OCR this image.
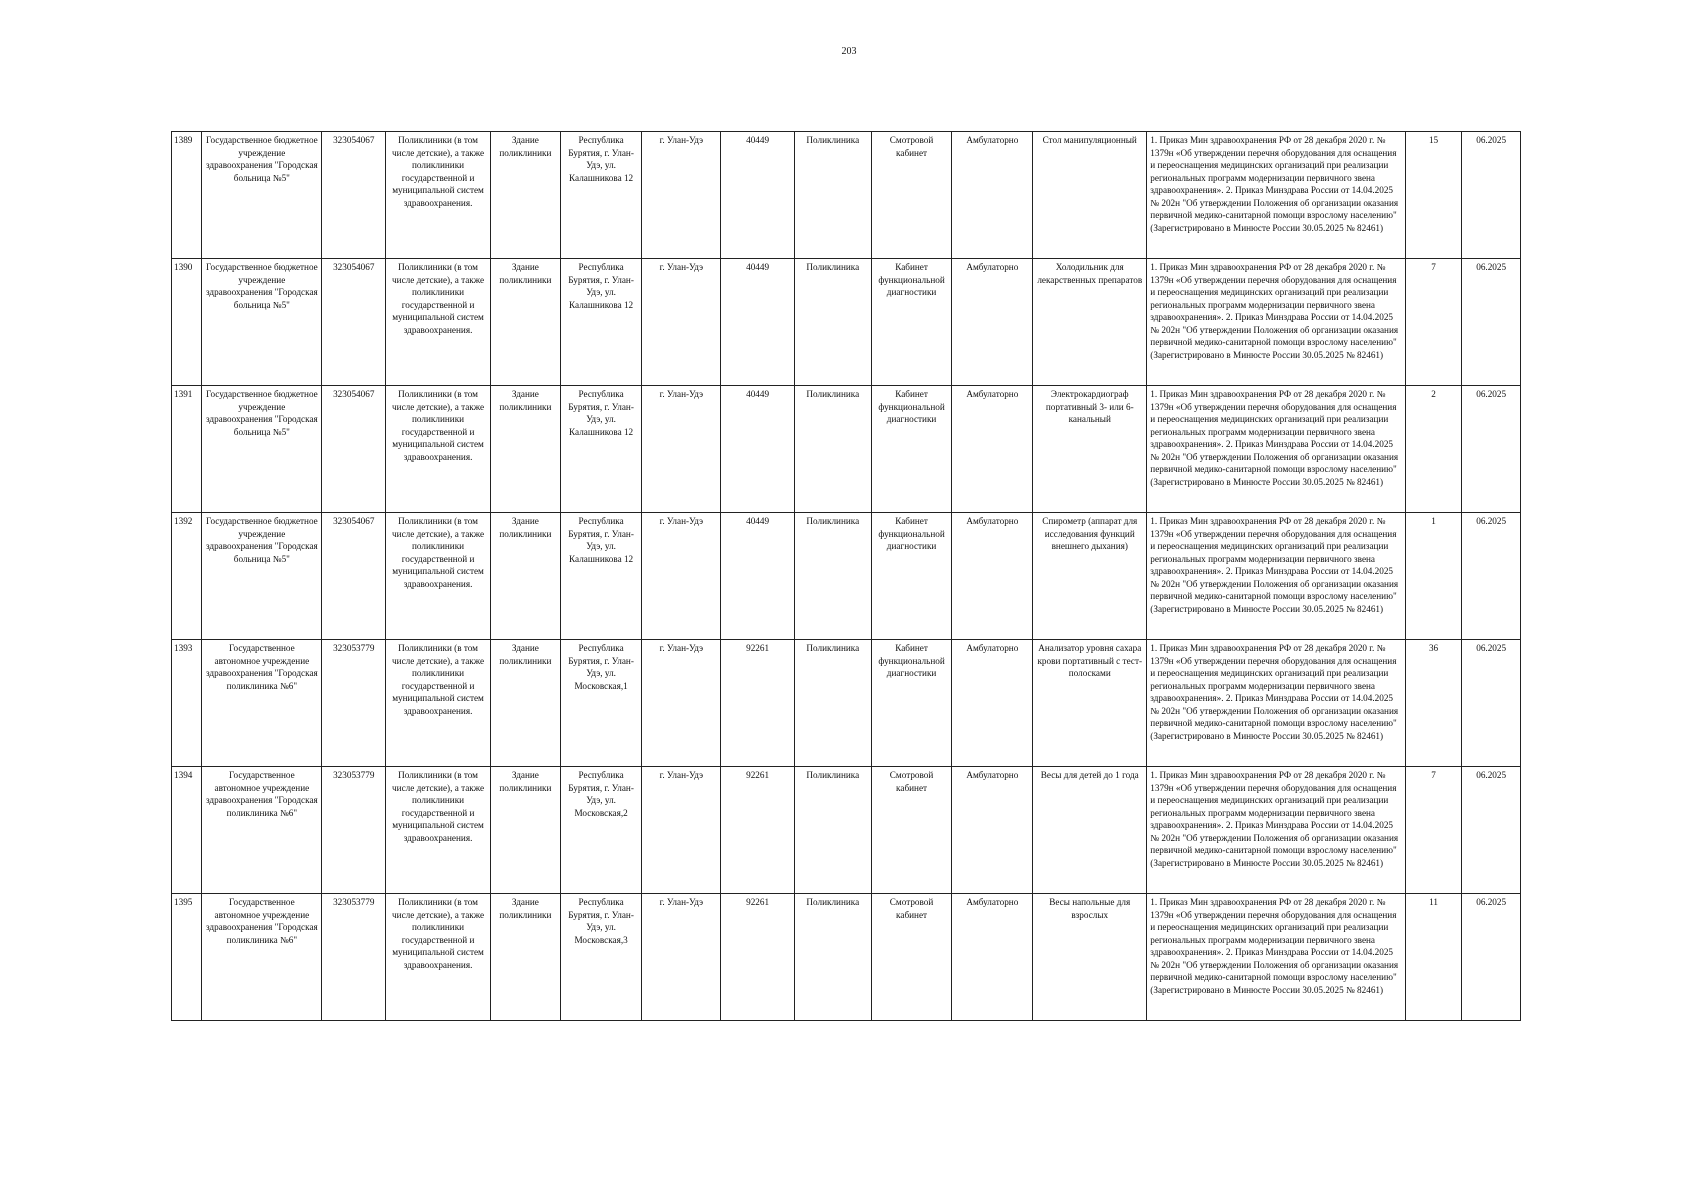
203
1389	Государственное бюджетное учреждение здравоохранения "Городская больница №5"	323054067	Поликлиники (в том числе детские), а также поликлиники государственной и муниципальной систем здравоохранения.	Здание поликлиники	Республика Бурятия, г. Улан-Удэ, ул. Калашникова 12	г. Улан-Удэ	40449	Поликлиника	Смотровой кабинет	Амбулаторно	Стол манипуляционный	1. Приказ Мин здравоохранения РФ от 28 декабря 2020 г. № 1379н «Об утверждении перечня оборудования для оснащения и переоснащения медицинских организаций при реализации региональных программ модернизации первичного звена здравоохранения». 2. Приказ Минздрава России от 14.04.2025 № 202н "Об утверждении Положения об организации оказания первичной медико-санитарной помощи взрослому населению" (Зарегистрировано в Минюсте России 30.05.2025 № 82461)	15	06.2025
1390	Государственное бюджетное учреждение здравоохранения "Городская больница №5"	323054067	Поликлиники (в том числе детские), а также поликлиники государственной и муниципальной систем здравоохранения.	Здание поликлиники	Республика Бурятия, г. Улан-Удэ, ул. Калашникова 12	г. Улан-Удэ	40449	Поликлиника	Кабинет функциональной диагностики	Амбулаторно	Холодильник для лекарственных препаратов	1. Приказ Мин здравоохранения РФ от 28 декабря 2020 г. № 1379н «Об утверждении перечня оборудования для оснащения и переоснащения медицинских организаций при реализации региональных программ модернизации первичного звена здравоохранения». 2. Приказ Минздрава России от 14.04.2025 № 202н "Об утверждении Положения об организации оказания первичной медико-санитарной помощи взрослому населению" (Зарегистрировано в Минюсте России 30.05.2025 № 82461)	7	06.2025
1391	Государственное бюджетное учреждение здравоохранения "Городская больница №5"	323054067	Поликлиники (в том числе детские), а также поликлиники государственной и муниципальной систем здравоохранения.	Здание поликлиники	Республика Бурятия, г. Улан-Удэ, ул. Калашникова 12	г. Улан-Удэ	40449	Поликлиника	Кабинет функциональной диагностики	Амбулаторно	Электрокардиограф портативный 3- или 6-канальный	1. Приказ Мин здравоохранения РФ от 28 декабря 2020 г. № 1379н «Об утверждении перечня оборудования для оснащения и переоснащения медицинских организаций при реализации региональных программ модернизации первичного звена здравоохранения». 2. Приказ Минздрава России от 14.04.2025 № 202н "Об утверждении Положения об организации оказания первичной медико-санитарной помощи взрослому населению" (Зарегистрировано в Минюсте России 30.05.2025 № 82461)	2	06.2025
1392	Государственное бюджетное учреждение здравоохранения "Городская больница №5"	323054067	Поликлиники (в том числе детские), а также поликлиники государственной и муниципальной систем здравоохранения.	Здание поликлиники	Республика Бурятия, г. Улан-Удэ, ул. Калашникова 12	г. Улан-Удэ	40449	Поликлиника	Кабинет функциональной диагностики	Амбулаторно	Спирометр (аппарат для исследования функций внешнего дыхания)	1. Приказ Мин здравоохранения РФ от 28 декабря 2020 г. № 1379н «Об утверждении перечня оборудования для оснащения и переоснащения медицинских организаций при реализации региональных программ модернизации первичного звена здравоохранения». 2. Приказ Минздрава России от 14.04.2025 № 202н "Об утверждении Положения об организации оказания первичной медико-санитарной помощи взрослому населению" (Зарегистрировано в Минюсте России 30.05.2025 № 82461)	1	06.2025
1393	Государственное автономное учреждение здравоохранения "Городская поликлиника №6"	323053779	Поликлиники (в том числе детские), а также поликлиники государственной и муниципальной систем здравоохранения.	Здание поликлиники	Республика Бурятия, г. Улан-Удэ, ул. Московская,1	г. Улан-Удэ	92261	Поликлиника	Кабинет функциональной диагностики	Амбулаторно	Анализатор уровня сахара крови портативный с тест-полосками	1. Приказ Мин здравоохранения РФ от 28 декабря 2020 г. № 1379н «Об утверждении перечня оборудования для оснащения и переоснащения медицинских организаций при реализации региональных программ модернизации первичного звена здравоохранения». 2. Приказ Минздрава России от 14.04.2025 № 202н "Об утверждении Положения об организации оказания первичной медико-санитарной помощи взрослому населению" (Зарегистрировано в Минюсте России 30.05.2025 № 82461)	36	06.2025
1394	Государственное автономное учреждение здравоохранения "Городская поликлиника №6"	323053779	Поликлиники (в том числе детские), а также поликлиники государственной и муниципальной систем здравоохранения.	Здание поликлиники	Республика Бурятия, г. Улан-Удэ, ул. Московская,2	г. Улан-Удэ	92261	Поликлиника	Смотровой кабинет	Амбулаторно	Весы для детей до 1 года	1. Приказ Мин здравоохранения РФ от 28 декабря 2020 г. № 1379н «Об утверждении перечня оборудования для оснащения и переоснащения медицинских организаций при реализации региональных программ модернизации первичного звена здравоохранения». 2. Приказ Минздрава России от 14.04.2025 № 202н "Об утверждении Положения об организации оказания первичной медико-санитарной помощи взрослому населению" (Зарегистрировано в Минюсте России 30.05.2025 № 82461)	7	06.2025
1395	Государственное автономное учреждение здравоохранения "Городская поликлиника №6"	323053779	Поликлиники (в том числе детские), а также поликлиники государственной и муниципальной систем здравоохранения.	Здание поликлиники	Республика Бурятия, г. Улан-Удэ, ул. Московская,3	г. Улан-Удэ	92261	Поликлиника	Смотровой кабинет	Амбулаторно	Весы напольные для взрослых	1. Приказ Мин здравоохранения РФ от 28 декабря 2020 г. № 1379н «Об утверждении перечня оборудования для оснащения и переоснащения медицинских организаций при реализации региональных программ модернизации первичного звена здравоохранения». 2. Приказ Минздрава России от 14.04.2025 № 202н "Об утверждении Положения об организации оказания первичной медико-санитарной помощи взрослому населению" (Зарегистрировано в Минюсте России 30.05.2025 № 82461)	11	06.2025
